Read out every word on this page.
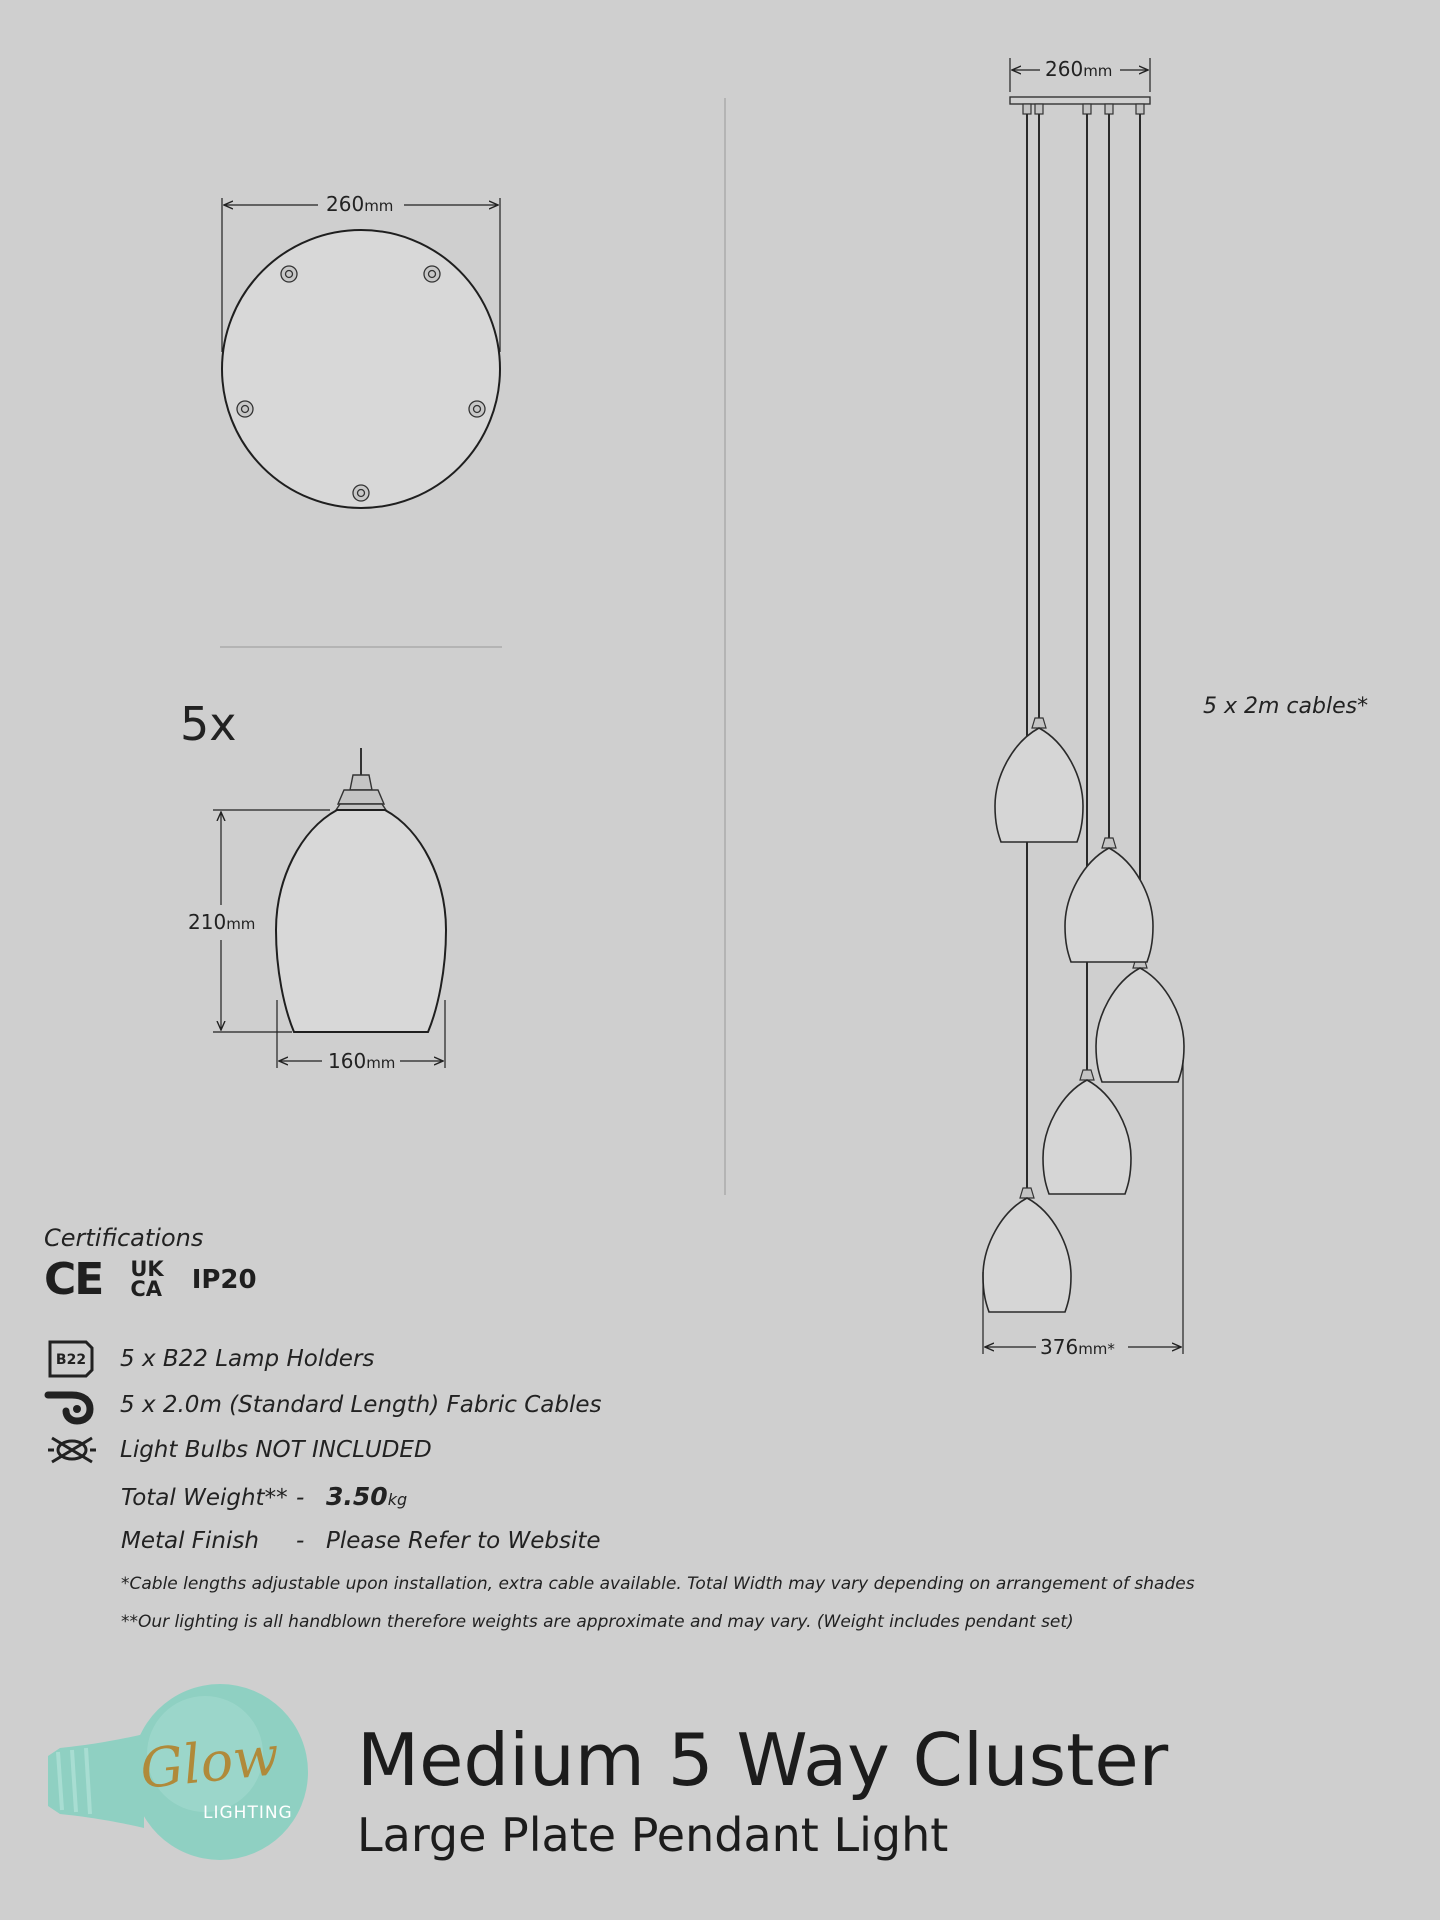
260mm
210mm
160mm
260mm
376mm*
5x	5 x 2m cables*
Certifications
CE UK
CA IP20
B22 5 x B22 Lamp Holders
5 x 2.0m (Standard Length) Fabric Cables
Light Bulbs NOT INCLUDED
Total Weight** - 3.50kg
Metal Finish - Please Refer to Website
*Cable lengths adjustable upon installation, extra cable available. Total Width may vary depending on arrangement of shades
**Our lighting is all handblown therefore weights are approximate and may vary. (Weight includes pendant set)
Glow
LIGHTING
Medium 5 Way Cluster
Large Plate Pendant Light
